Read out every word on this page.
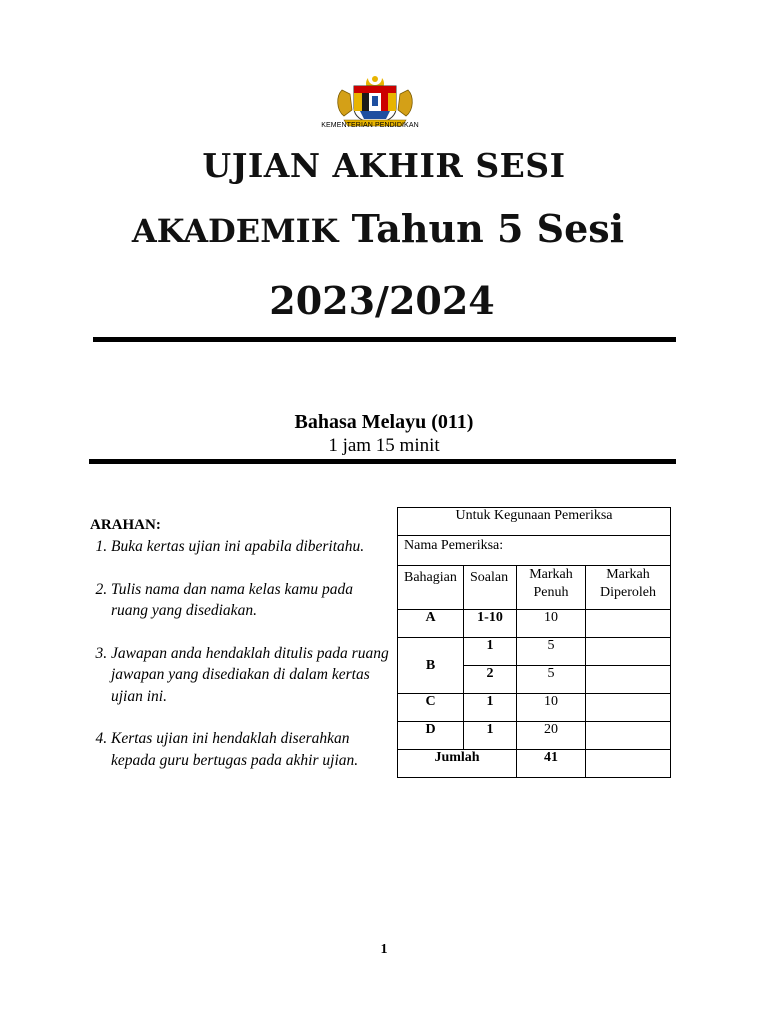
KEMENTERIAN PENDIDIKAN
UJIAN AKHIR SESI
AKADEMIK Tahun 5 Sesi
2023/2024
Bahasa Melayu (011)
1 jam 15 minit
ARAHAN:
1. Buka kertas ujian ini apabila diberitahu.
2. Tulis nama dan nama kelas kamu pada ruang yang disediakan.
3. Jawapan anda hendaklah ditulis pada ruang jawapan yang disediakan di dalam kertas ujian ini.
4. Kertas ujian ini hendaklah diserahkan kepada guru bertugas pada akhir ujian.
Untuk Kegunaan Pemeriksa			
Nama Pemeriksa:			
Bahagian	Soalan	Markah Penuh	Markah Diperoleh
A	1-10	10	
B	1	5	
	2	5	
C	1	10	
D	1	20	
Jumlah		41	
1
